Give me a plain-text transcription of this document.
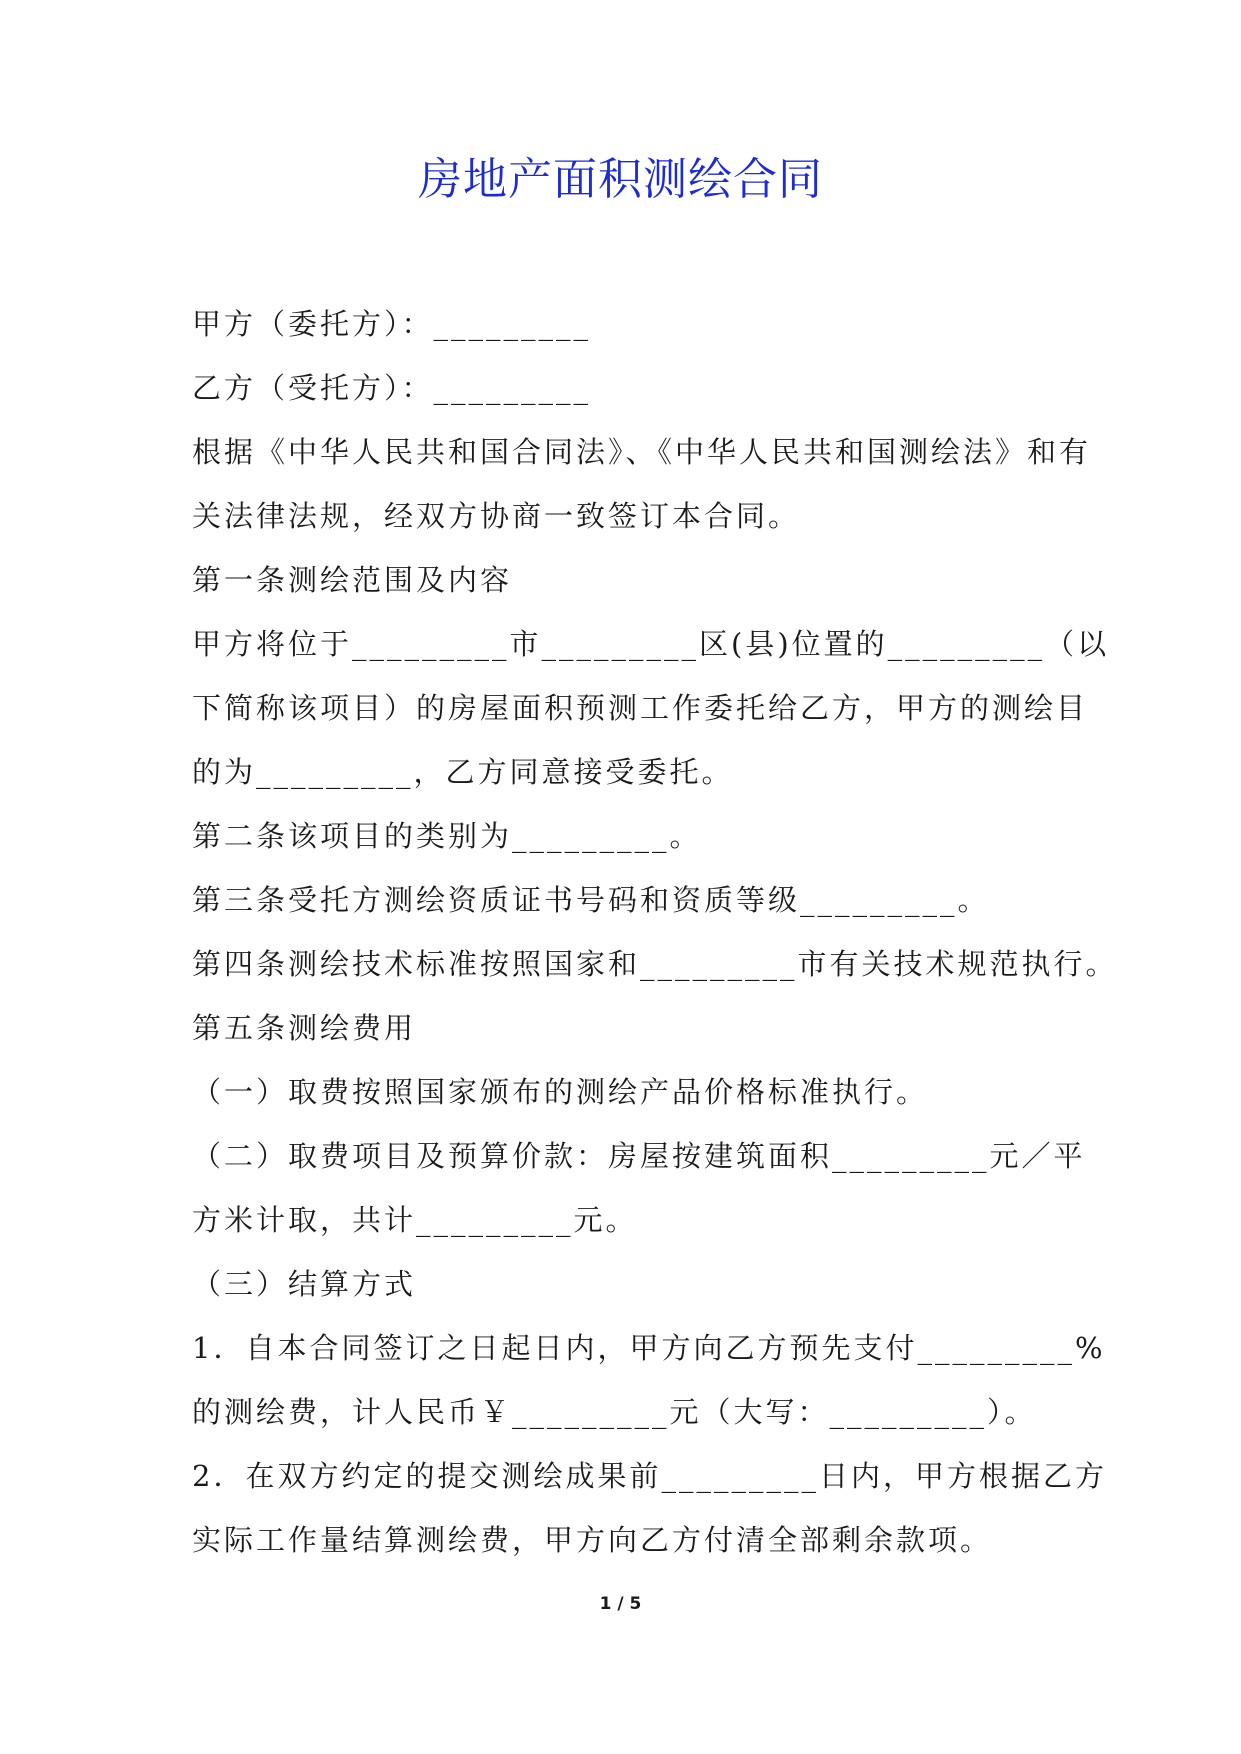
房地产面积测绘合同

甲方（委托方）：_________

乙方（受托方）：_________

根据《中华人民共和国合同法》、《中华人民共和国测绘法》和有

关法律法规，经双方协商一致签订本合同。

第一条测绘范围及内容

甲方将位于_________市_________区(县)位置的_________（以

下简称该项目）的房屋面积预测工作委托给乙方，甲方的测绘目

的为_________，乙方同意接受委托。

第二条该项目的类别为_________。

第三条受托方测绘资质证书号码和资质等级_________。

第四条测绘技术标准按照国家和_________市有关技术规范执行。

第五条测绘费用

（一）取费按照国家颁布的测绘产品价格标准执行。

（二）取费项目及预算价款：房屋按建筑面积_________元／平

方米计取，共计_________元。

（三）结算方式

1．自本合同签订之日起日内，甲方向乙方预先支付_________%

的测绘费，计人民币￥_________元（大写：_________）。

2．在双方约定的提交测绘成果前_________日内，甲方根据乙方

实际工作量结算测绘费，甲方向乙方付清全部剩余款项。

1 / 5
